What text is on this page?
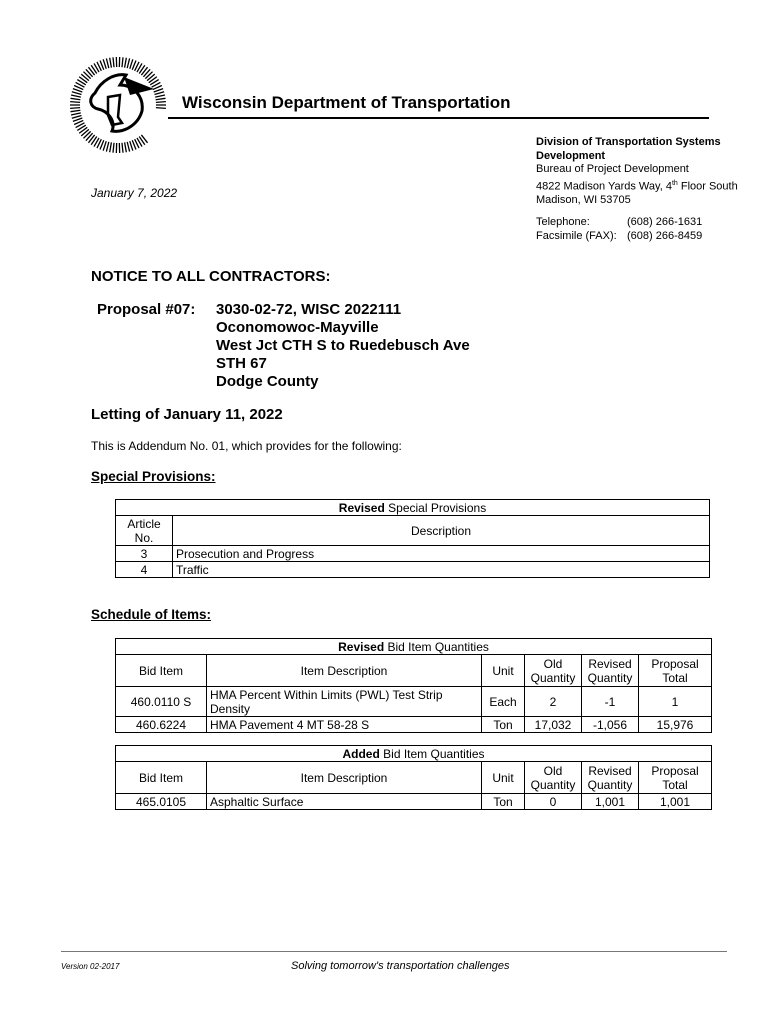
Wisconsin Department of Transportation
Division of Transportation Systems
Development
Bureau of Project Development
4822 Madison Yards Way, 4th Floor South
Madison, WI 53705
Telephone:	(608) 266-1631
Facsimile (FAX): (608) 266-8459
January 7, 2022
NOTICE TO ALL CONTRACTORS:
Proposal #07: 3030-02-72, WISC 2022111
Oconomowoc-Mayville
West Jct CTH S to Ruedebusch Ave
STH 67
Dodge County
Letting of January 11, 2022
This is Addendum No. 01, which provides for the following:
Special Provisions:
Revised Special Provisions	
Article No.	Description
3	Prosecution and Progress
4	Traffic
Schedule of Items:
Revised Bid Item Quantities					
Bid Item	Item Description	Unit	Old Quantity	Revised Quantity	Proposal Total
460.0110 S	HMA Percent Within Limits (PWL) Test Strip Density	Each	2	-1	1
460.6224	HMA Pavement 4 MT 58-28 S	Ton	17,032	-1,056	15,976
Added Bid Item Quantities					
Bid Item	Item Description	Unit	Old Quantity	Revised Quantity	Proposal Total
465.0105	Asphaltic Surface	Ton	0	1,001	1,001
Version 02-2017	Solving tomorrow's transportation challenges
